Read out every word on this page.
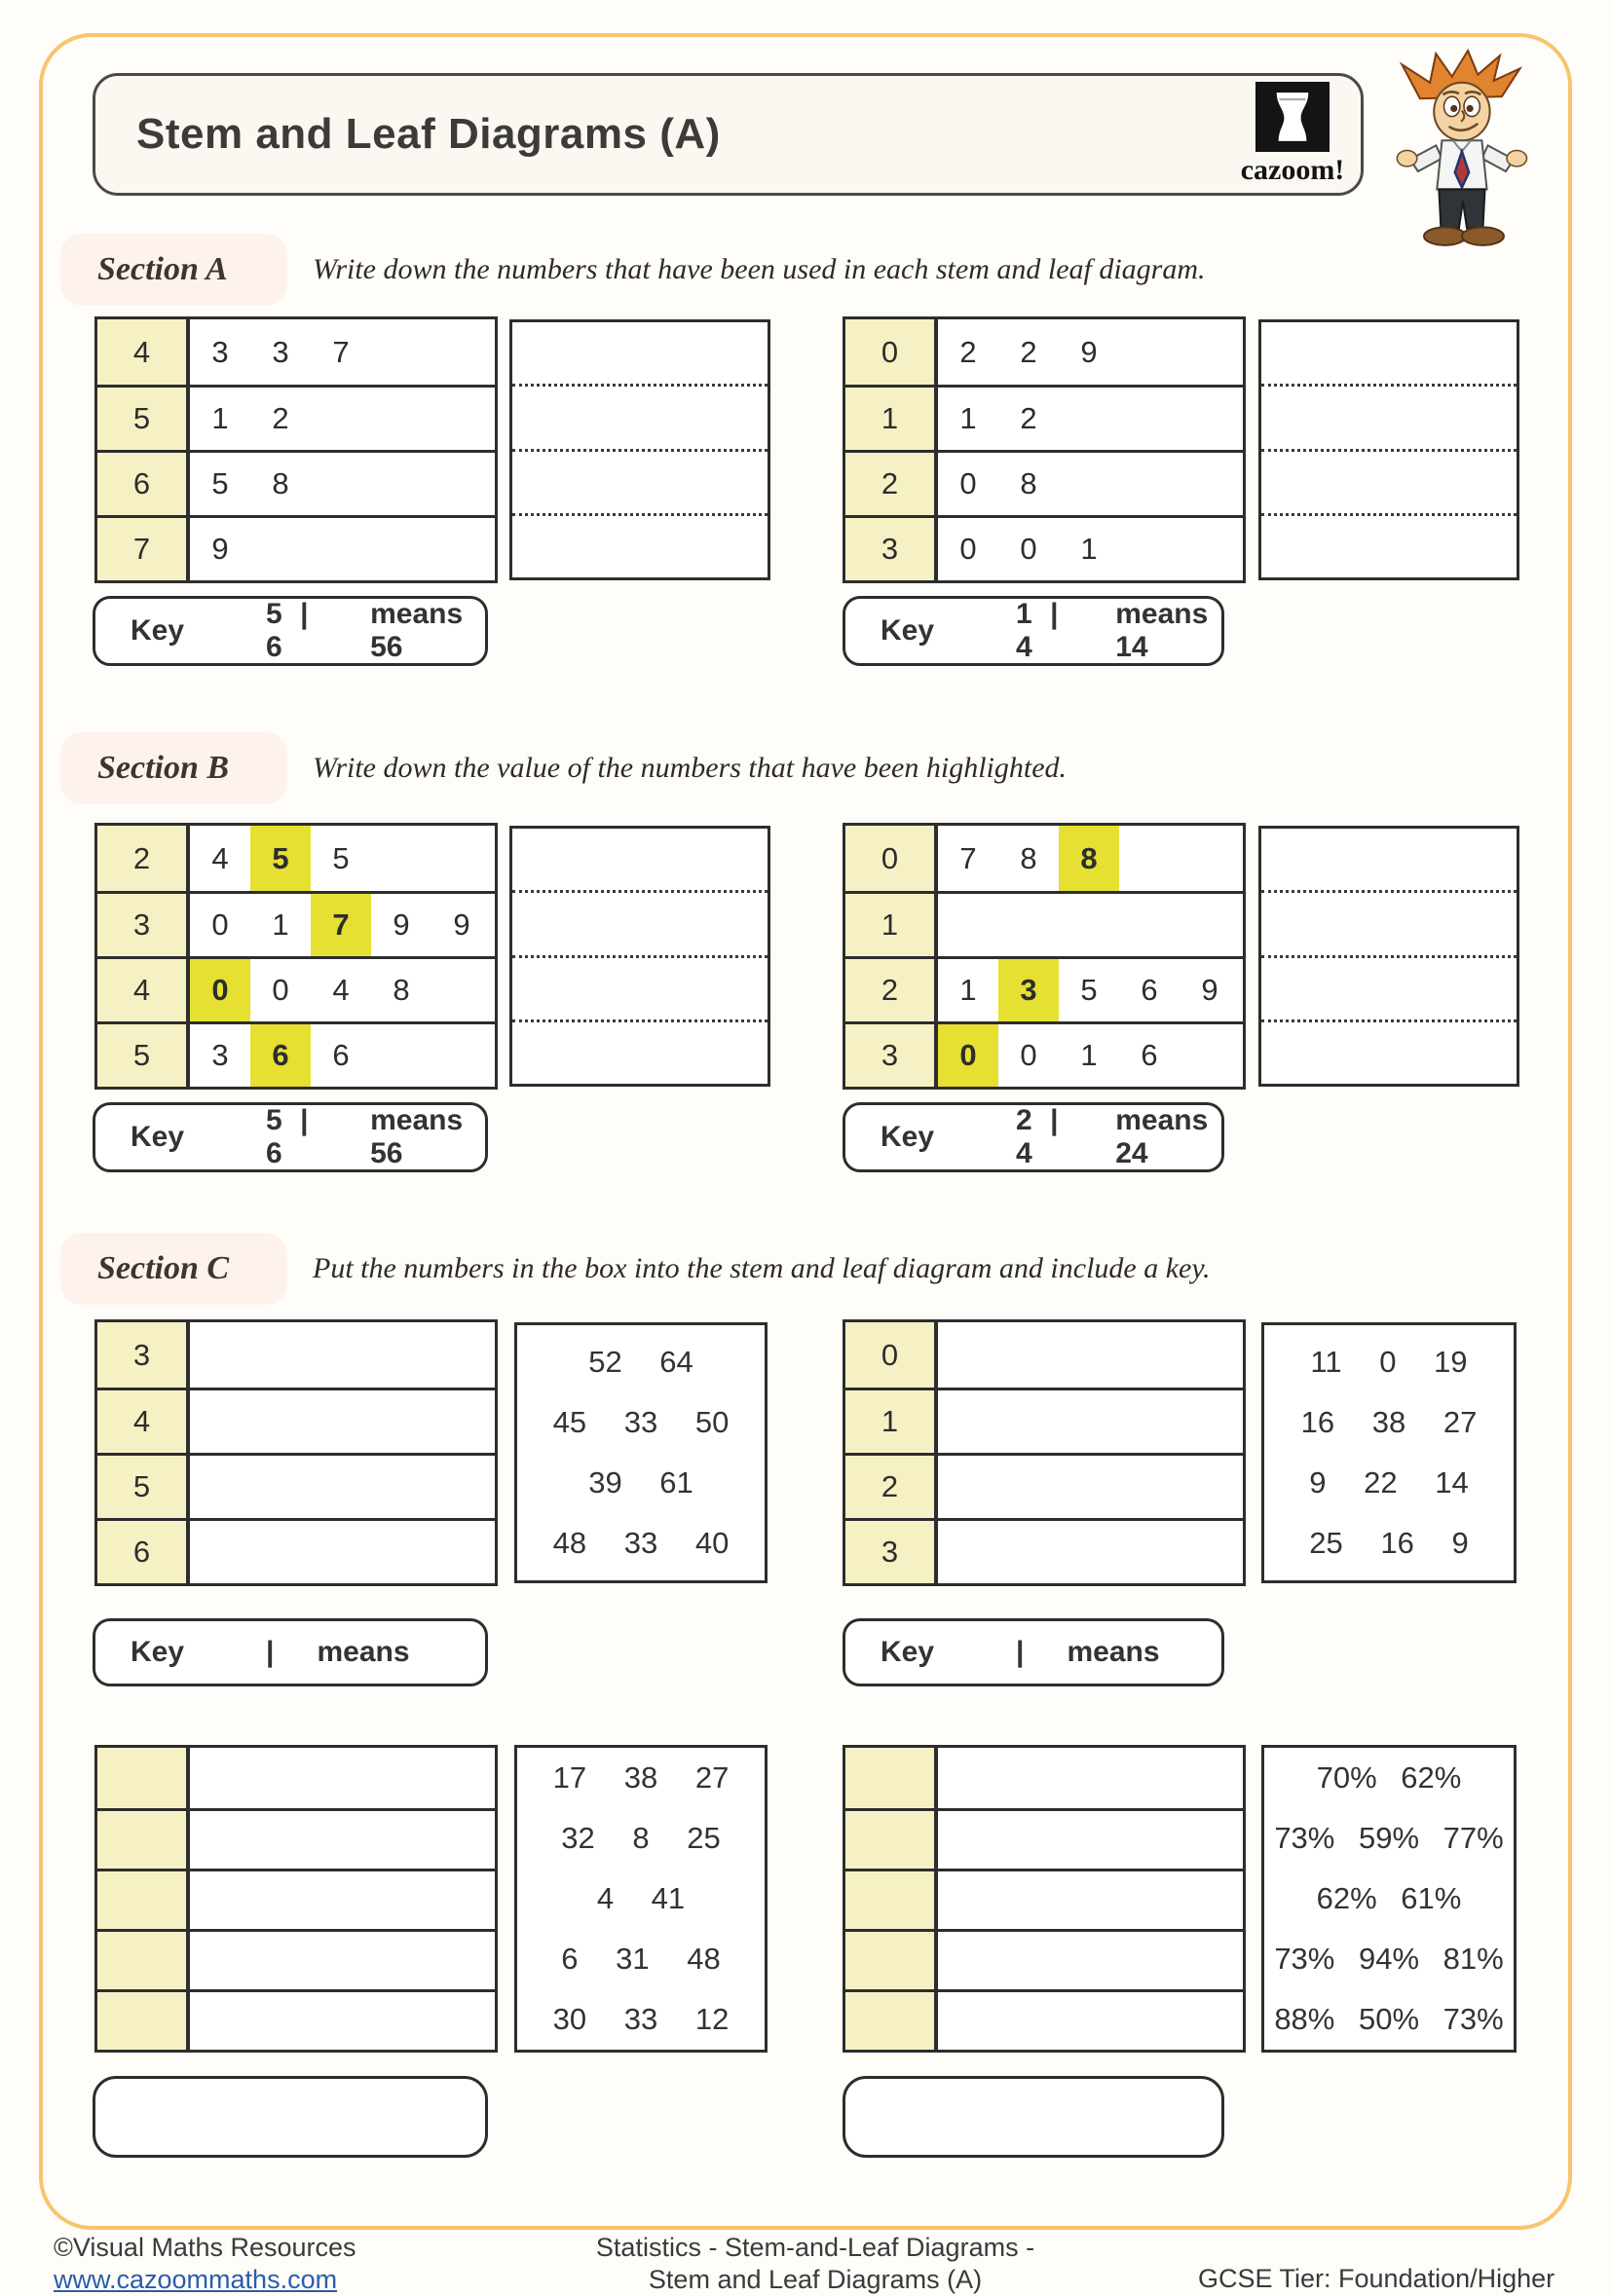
Stem and Leaf Diagrams (A)
cazoom!
Section A	Write down the numbers that have been used in each stem and leaf diagram.
4	3	3	7
5	1	2
6	5	8
7	9
0	2	2	9
1	1	2
2	0	8
3	0	0	1
Key
5 | 6
means 56
Key
1 | 4
means 14
Section B	Write down the value of the numbers that have been highlighted.
2	4	5	5
3	0	1	7	9	9
4	0	0	4	8
5	3	6	6
0	7	8	8
1
2	1	3	5	6	9
3	0	0	1	6
Key
5 | 6
means 56
Key
2 | 4
means 24
Section C	Put the numbers in the box into the stem and leaf diagram and include a key.
3
4
5
6
52 64
45 33 50
39 61
48 33 40
0
1
2
3
11 0 19
16 38 27
9 22 14
25 16 9
Key	| means	Key	| means
17 38 27
32 8 25
4 41
6 31 48
30 33 12
70% 62%
73% 59% 77%
62% 61%
73% 94% 81%
88% 50% 73%
©Visual Maths Resources
www.cazoommaths.com
Statistics - Stem-and-Leaf Diagrams -
Stem and Leaf Diagrams (A)	GCSE Tier: Foundation/Higher
